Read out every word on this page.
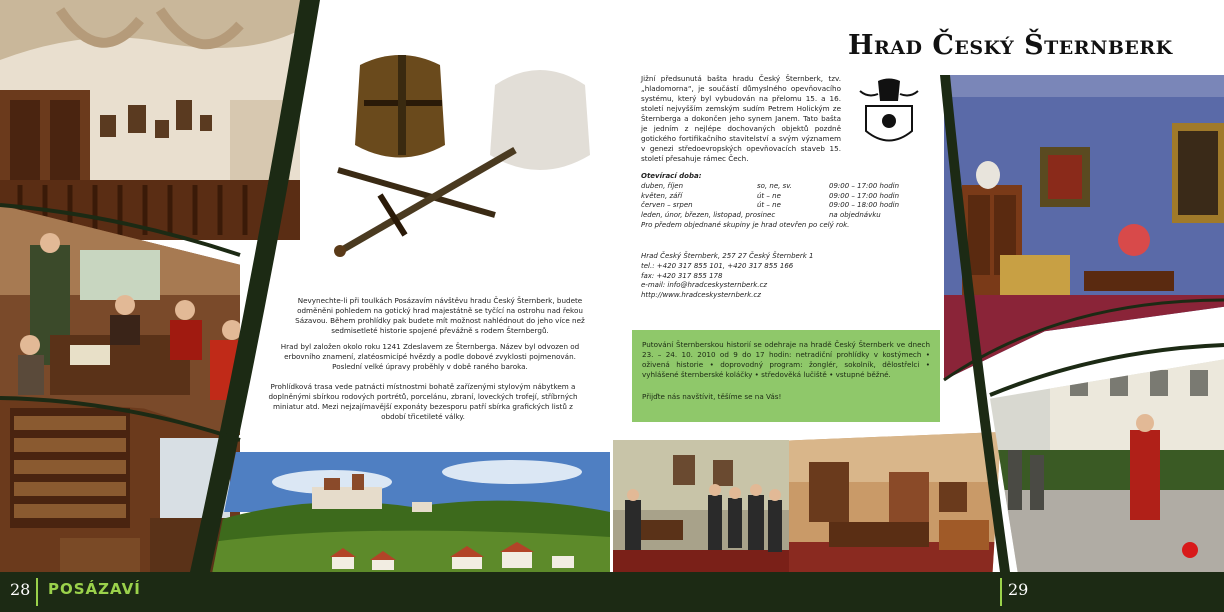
Hrad Český Šternberk
Nevynechte-li při toulkách Posázavím návštěvu hradu Český Šternberk, budete odměněni pohledem na gotický hrad majestátně se tyčící na ostrohu nad řekou Sázavou. Během prohlídky pak budete mít možnost nahlédnout do jeho více než sedmisetleté historie spojené převážně s rodem Šternbergů.
Hrad byl založen okolo roku 1241 Zdeslavem ze Šternberga. Název byl odvozen od erbovního znamení, zlatéosmicípé hvězdy a podle dobové zvyklosti pojmenován. Poslední velké úpravy proběhly v době raného baroka.
Prohlídková trasa vede patnácti místnostmi bohatě zařízenými stylovým nábytkem a doplněnými sbírkou rodových portrétů, porcelánu, zbraní, loveckých trofejí, stříbrných miniatur atd. Mezi nejzajímavější exponáty bezesporu patří sbírka grafických listů z období třicetileté války.
Jižní předsunutá bašta hradu Český Šternberk, tzv. „hladomorna“, je součástí důmyslného opevňovacího systému, který byl vybudován na přelomu 15. a 16. století nejvyšším zemským sudím Petrem Holickým ze Šternberga a dokončen jeho synem Janem. Tato bašta je jedním z nejlépe dochovaných objektů pozdně gotického fortifikačního stavitelství a svým významem v genezi středoevropských opevňovacích staveb 15. století přesahuje rámec Čech.
Otevírací doba:
duben, říjen	so, ne, sv.	09:00 – 17:00 hodin
květen, září	út – ne	09:00 – 17:00 hodin
červen – srpen	út – ne	09:00 – 18:00 hodin
leden, únor, březen, listopad, prosinec		na objednávku
Pro předem objednané skupiny je hrad otevřen po celý rok.
Hrad Český Šternberk, 257 27 Český Šternberk 1
tel.: +420 317 855 101, +420 317 855 166
fax: +420 317 855 178
e-mail: info@hradceskysternberk.cz
http://www.hradceskysternberk.cz
Putování Šternberskou historií se odehraje na hradě Český Šternberk ve dnech 23. – 24. 10. 2010 od 9 do 17 hodin: netradiční prohlídky v kostýmech • oživená historie • doprovodný program: žonglér, sokolník, dělostřelci • vyhlášené šternberské koláčky • středověká lučiště • vstupné běžné.
Přijďte nás navštívit, těšíme se na Vás!
28 POSÁZAVÍ	29
